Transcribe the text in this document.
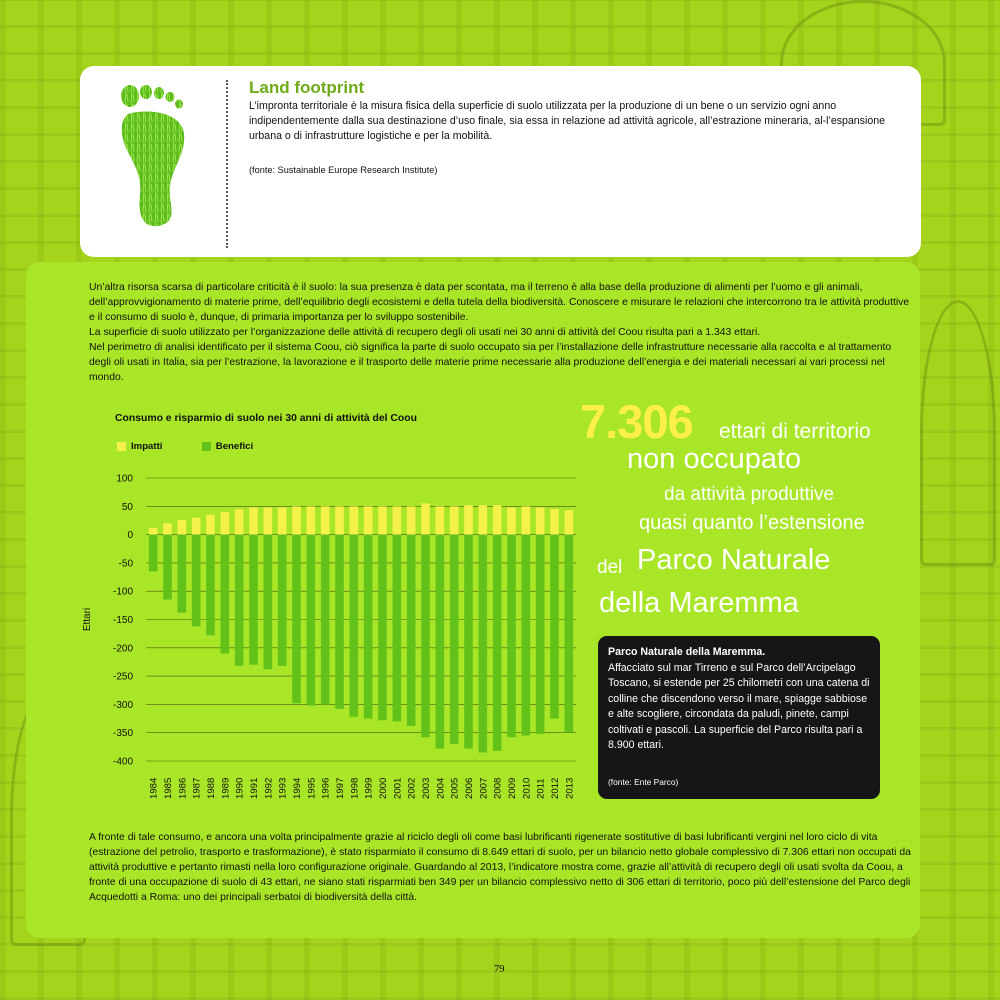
Land footprint

L’impronta territoriale è la misura fisica della superficie di suolo utilizzata per la produzione di un bene o un servizio ogni anno indipendentemente dalla sua destinazione d’uso finale, sia essa in relazione ad attività agricole, all’estrazione mineraria, al-l’espansione urbana o di infrastrutture logistiche e per la mobilità.

(fonte: Sustainable Europe Research Institute)

Un’altra risorsa scarsa di particolare criticità è il suolo: la sua presenza è data per scontata, ma il terreno è alla base della produzione di alimenti per l’uomo e gli animali, dell’approvvigionamento di materie prime, dell’equilibrio degli ecosistemi e della tutela della biodiversità. Conoscere e misurare le relazioni che intercorrono tra le attività produttive e il consumo di suolo è, dunque, di primaria importanza per lo sviluppo sostenibile.

La superficie di suolo utilizzato per l’organizzazione delle attività di recupero degli oli usati nei 30 anni di attività del Coou risulta pari a 1.343 ettari.

Nel perimetro di analisi identificato per il sistema Coou, ciò significa la parte di suolo occupato sia per l’installazione delle infrastrutture necessarie alla raccolta e al trattamento degli oli usati in Italia, sia per l’estrazione, la lavorazione e il trasporto delle materie prime necessarie alla produzione dell’energia e dei materiali necessari ai vari processi nel mondo.

Consumo e risparmio di suolo nei 30 anni di attività del Coou
Impatti	Benefici
100
50
0
-50
-100
-150
-200
-250
-300
-350
-400
Ettari
1984 1985 1986 1987 1988 1989 1990 1991 1992 1993 1994 1995 1996 1997 1998 1999 2000 2001 2002 2003 2004 2005 2006 2007 2008 2009 2010 2011 2012 2013
7.306 ettari di territorio
non occupato
da attività produttive
quasi quanto l’estensione
del Parco Naturale
della Maremma

Parco Naturale della Maremma.

Affacciato sul mar Tirreno e sul Parco dell’Arcipelago Toscano, si estende per 25 chilometri con una catena di colline che discendono verso il mare, spiagge sabbiose e alte scogliere, circondata da paludi, pinete, campi coltivati e pascoli. La superficie del Parco risulta pari a 8.900 ettari.

(fonte: Ente Parco)

A fronte di tale consumo, e ancora una volta principalmente grazie al riciclo degli oli come basi lubrificanti rigenerate sostitutive di basi lubrificanti vergini nel loro ciclo di vita (estrazione del petrolio, trasporto e trasformazione), è stato risparmiato il consumo di 8.649 ettari di suolo, per un bilancio netto globale complessivo di 7.306 ettari non occupati da attività produttive e pertanto rimasti nella loro configurazione originale. Guardando al 2013, l’indicatore mostra come, grazie all’attività di recupero degli oli usati svolta da Coou, a fronte di una occupazione di suolo di 43 ettari, ne siano stati risparmiati ben 349 per un bilancio complessivo netto di 306 ettari di territorio, poco più dell’estensione del Parco degli Acquedotti a Roma: uno dei principali serbatoi di biodiversità della città.

79
